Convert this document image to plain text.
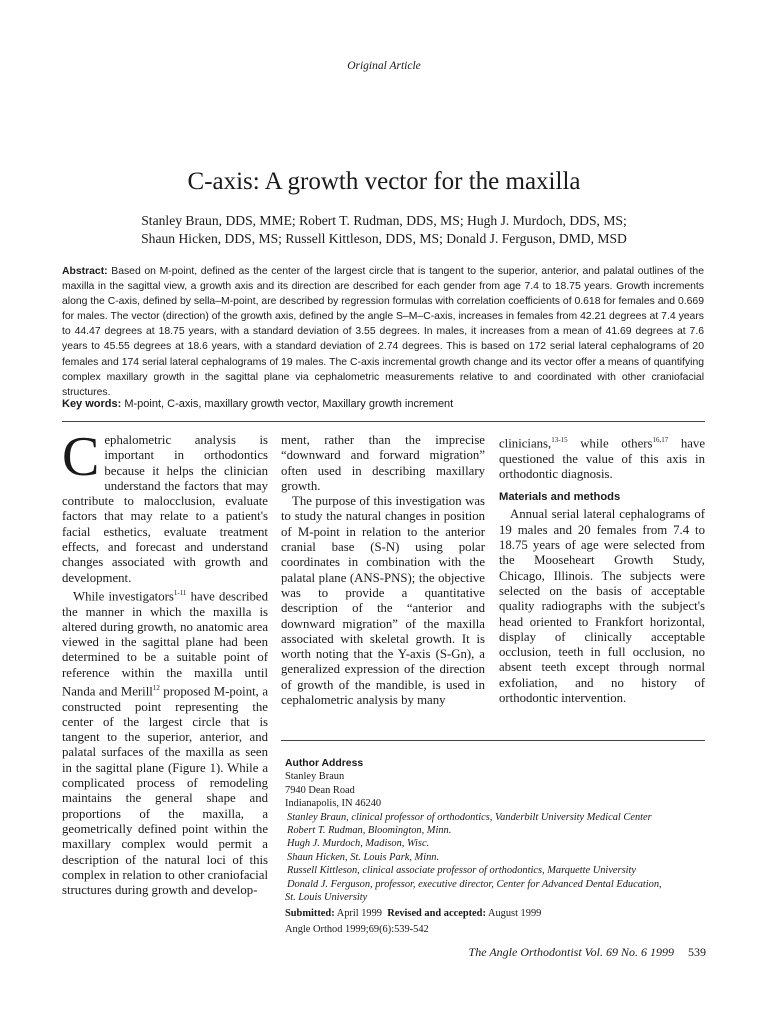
Original Article
C-axis: A growth vector for the maxilla
Stanley Braun, DDS, MME; Robert T. Rudman, DDS, MS; Hugh J. Murdoch, DDS, MS;
Shaun Hicken, DDS, MS; Russell Kittleson, DDS, MS; Donald J. Ferguson, DMD, MSD
Abstract: Based on M-point, defined as the center of the largest circle that is tangent to the superior, anterior, and palatal outlines of the maxilla in the sagittal view, a growth axis and its direction are described for each gender from age 7.4 to 18.75 years. Growth increments along the C-axis, defined by sella–M-point, are described by regression formulas with correlation coefficients of 0.618 for females and 0.669 for males. The vector (direction) of the growth axis, defined by the angle S–M–C-axis, increases in females from 42.21 degrees at 7.4 years to 44.47 degrees at 18.75 years, with a standard deviation of 3.55 degrees. In males, it increases from a mean of 41.69 degrees at 7.6 years to 45.55 degrees at 18.6 years, with a standard deviation of 2.74 degrees. This is based on 172 serial lateral cephalograms of 20 females and 174 serial lateral cephalograms of 19 males. The C-axis incremental growth change and its vector offer a means of quantifying complex maxillary growth in the sagittal plane via cephalometric measurements relative to and coordinated with other craniofacial structures.
Key words: M-point, C-axis, maxillary growth vector, Maxillary growth increment

Cephalometric analysis is important in orthodontics because it helps the clinician understand the factors that may contribute to malocclusion, evaluate factors that may relate to a patient's facial esthetics, evaluate treatment effects, and forecast and understand changes associated with growth and development.

While investigators$^{1-11}$ have described the manner in which the maxilla is altered during growth, no anatomic area viewed in the sagittal plane had been determined to be a suitable point of reference within the maxilla until Nanda and Merill$^{12}$ proposed M-point, a constructed point representing the center of the largest circle that is tangent to the superior, anterior, and palatal surfaces of the maxilla as seen in the sagittal plane (Figure 1). While a complicated process of remodeling maintains the general shape and proportions of the maxilla, a geometrically defined point within the maxillary complex would permit a description of the natural loci of this complex in relation to other craniofacial structures during growth and develop-

ment, rather than the imprecise “downward and forward migration” often used in describing maxillary growth.

The purpose of this investigation was to study the natural changes in position of M-point in relation to the anterior cranial base (S-N) using polar coordinates in combination with the palatal plane (ANS-PNS); the objective was to provide a quantitative description of the “anterior and downward migration” of the maxilla associated with skeletal growth. It is worth noting that the Y-axis (S-Gn), a generalized expression of the direction of growth of the mandible, is used in cephalometric analysis by many

clinicians,$^{13-15}$ while others$^{16,17}$ have questioned the value of this axis in orthodontic diagnosis.

Materials and methods

Annual serial lateral cephalograms of 19 males and 20 females from 7.4 to 18.75 years of age were selected from the Mooseheart Growth Study, Chicago, Illinois. The subjects were selected on the basis of acceptable quality radiographs with the subject's head oriented to Frankfort horizontal, display of clinically acceptable occlusion, teeth in full occlusion, no absent teeth except through normal exfoliation, and no history of orthodontic intervention.

Author Address
Stanley Braun
7940 Dean Road
Indianapolis, IN 46240
Stanley Braun, clinical professor of orthodontics, Vanderbilt University Medical Center
Robert T. Rudman, Bloomington, Minn.
Hugh J. Murdoch, Madison, Wisc.
Shaun Hicken, St. Louis Park, Minn.
Russell Kittleson, clinical associate professor of orthodontics, Marquette University
Donald J. Ferguson, professor, executive director, Center for Advanced Dental Education,
St. Louis University
Submitted: April 1999 Revised and accepted: August 1999
Angle Orthod 1999;69(6):539-542
The Angle Orthodontist Vol. 69 No. 6 1999 539
